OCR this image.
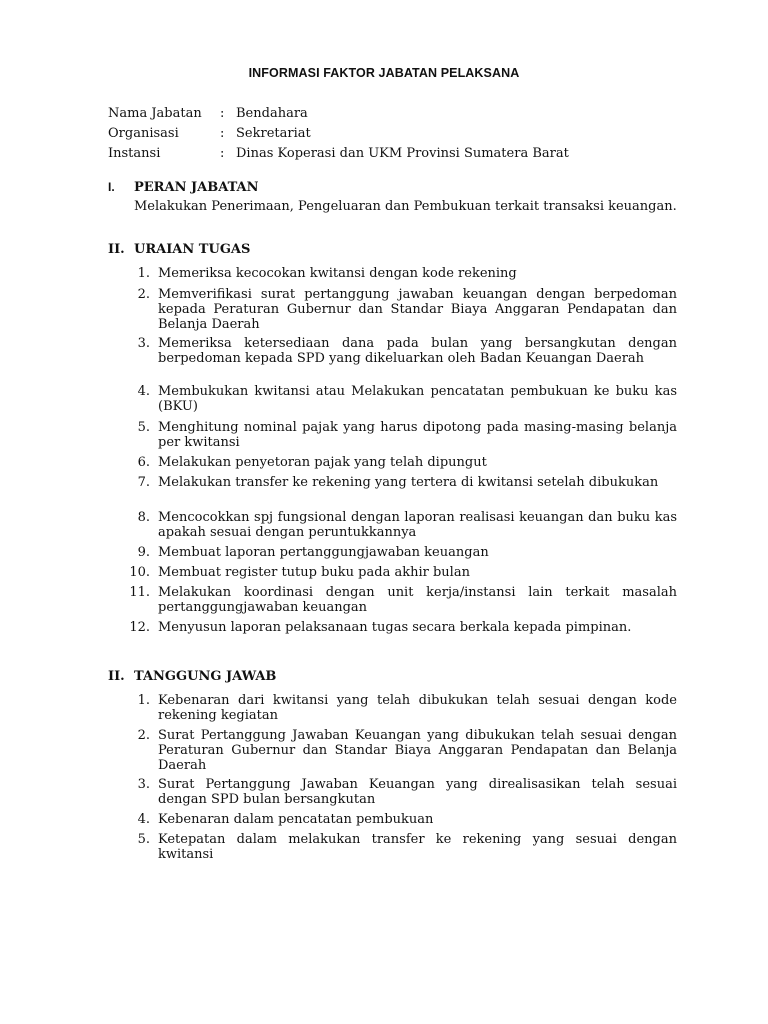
INFORMASI FAKTOR JABATAN PELAKSANA
Nama Jabatan	: Bendahara
Organisasi	: Sekretariat
Instansi	: Dinas Koperasi dan UKM Provinsi Sumatera Barat
I. PERAN JABATAN
Melakukan Penerimaan, Pengeluaran dan Pembukuan terkait transaksi keuangan.
II. URAIAN TUGAS
1. Memeriksa kecocokan kwitansi dengan kode rekening
2. Memverifikasi surat pertanggung jawaban keuangan dengan berpedoman kepada Peraturan Gubernur dan Standar Biaya Anggaran Pendapatan dan Belanja Daerah
3. Memeriksa ketersediaan dana pada bulan yang bersangkutan dengan berpedoman kepada SPD yang dikeluarkan oleh Badan Keuangan Daerah
4. Membukukan kwitansi atau Melakukan pencatatan pembukuan ke buku kas (BKU)
5. Menghitung nominal pajak yang harus dipotong pada masing-masing belanja per kwitansi
6. Melakukan penyetoran pajak yang telah dipungut
7. Melakukan transfer ke rekening yang tertera di kwitansi setelah dibukukan
8. Mencocokkan spj fungsional dengan laporan realisasi keuangan dan buku kas apakah sesuai dengan peruntukkannya
9. Membuat laporan pertanggungjawaban keuangan
10. Membuat register tutup buku pada akhir bulan
11. Melakukan koordinasi dengan unit kerja/instansi lain terkait masalah pertanggungjawaban keuangan
12. Menyusun laporan pelaksanaan tugas secara berkala kepada pimpinan.
II. TANGGUNG JAWAB
1. Kebenaran dari kwitansi yang telah dibukukan telah sesuai dengan kode rekening kegiatan
2. Surat Pertanggung Jawaban Keuangan yang dibukukan telah sesuai dengan Peraturan Gubernur dan Standar Biaya Anggaran Pendapatan dan Belanja Daerah
3. Surat Pertanggung Jawaban Keuangan yang direalisasikan telah sesuai dengan SPD bulan bersangkutan
4. Kebenaran dalam pencatatan pembukuan
5. Ketepatan dalam melakukan transfer ke rekening yang sesuai dengan kwitansi
